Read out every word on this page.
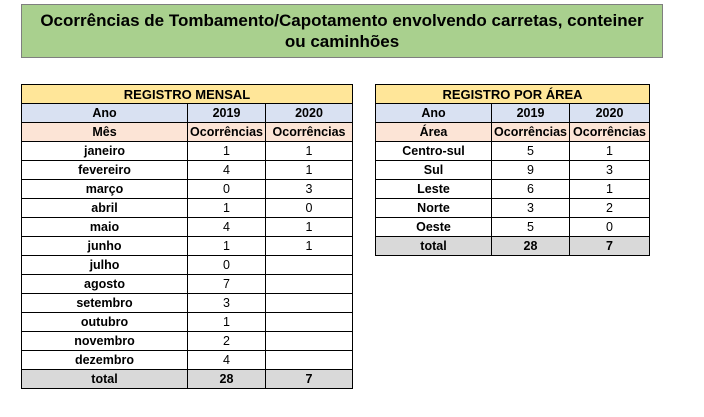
Ocorrências de Tombamento/Capotamento envolvendo carretas, conteiner ou caminhões
REGISTRO MENSAL		
Ano	2019	2020
Mês	Ocorrências	Ocorrências
janeiro	1	1
fevereiro	4	1
março	0	3
abril	1	0
maio	4	1
junho	1	1
julho	0	
agosto	7	
setembro	3	
outubro	1	
novembro	2	
dezembro	4	
total	28	7
REGISTRO POR ÁREA		
Ano	2019	2020
Área	Ocorrências	Ocorrências
Centro-sul	5	1
Sul	9	3
Leste	6	1
Norte	3	2
Oeste	5	0
total	28	7
